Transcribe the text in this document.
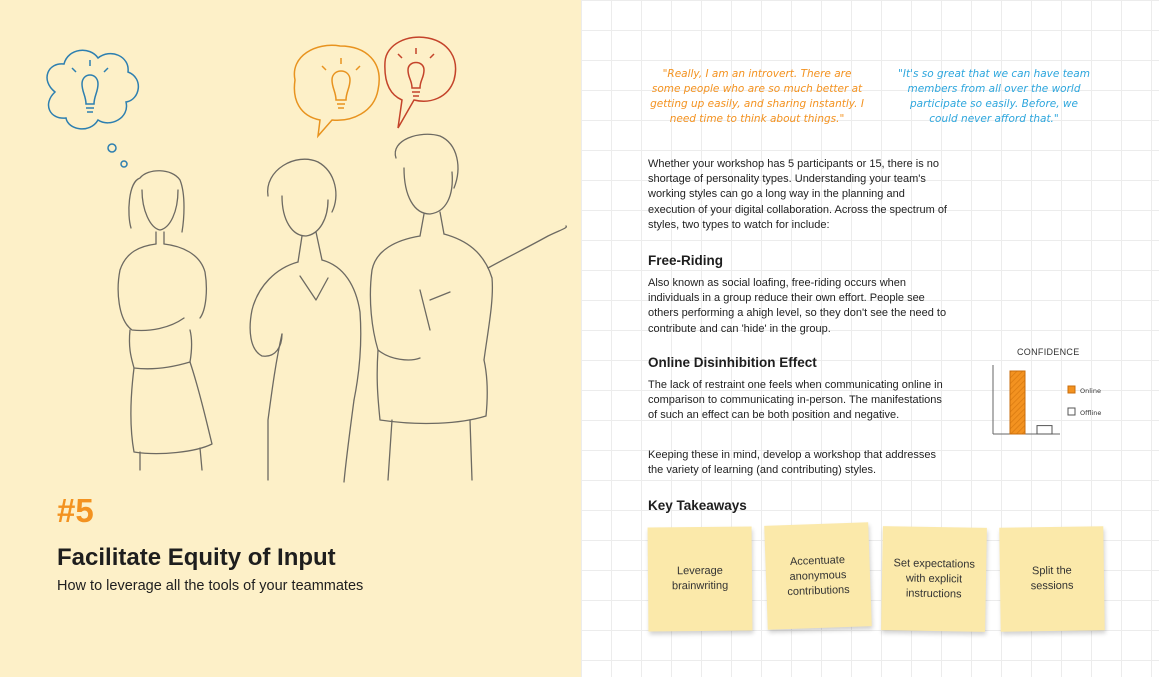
#5
Facilitate Equity of Input
How to leverage all the tools of your teammates
"Really, I am an introvert. There are some people who are so much better at getting up easily, and sharing instantly. I need time to think about things."
"It's so great that we can have team members from all over the world participate so easily. Before, we could never afford that."
Whether your workshop has 5 participants or 15, there is no shortage of personality types. Understanding your team's working styles can go a long way in the planning and execution of your digital collaboration. Across the spectrum of styles, two types to watch for include:
Free-Riding
Also known as social loafing, free-riding occurs when individuals in a group reduce their own effort. People see others performing a ahigh level, so they don't see the need to contribute and can 'hide' in the group.
Online Disinhibition Effect
The lack of restraint one feels when communicating online in comparison to communicating in-person. The manifestations of such an effect can be both position and negative.
Keeping these in mind, develop a workshop that addresses the variety of learning (and contributing) styles.
Key Takeaways
Leverage brainwriting
Accentuate anonymous contributions
Set expectations with explicit instructions
Split the sessions
CONFIDENCE
Online
Offline
